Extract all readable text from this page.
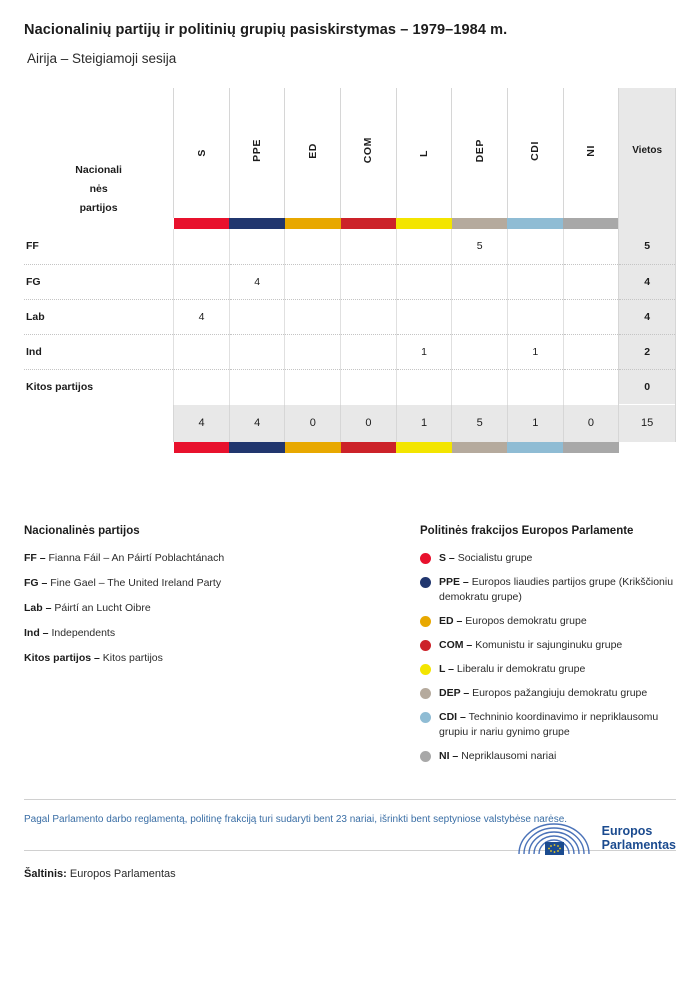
Nacionalinių partijų ir politinių grupių pasiskirstymas – 1979–1984 m.
Airija – Steigiamoji sesija
Nacionali
nės
partijos	S	PPE	ED	COM	L	DEP	CDI	NI	Vietos

FF						5			5
FG		4							4
Lab	4								4
Ind					1		1		2
Kitos partijos									0
	4	4	0	0	1	5	1	0	15

Nacionalinės partijos
FF – Fianna Fáil – An Páirtí Poblachtánach
FG – Fine Gael – The United Ireland Party
Lab – Páirtí an Lucht Oibre
Ind – Independents
Kitos partijos – Kitos partijos
Politinės frakcijos Europos Parlamente
S – Socialistu grupe
PPE – Europos liaudies partijos grupe (Krikščioniu demokratu grupe)
ED – Europos demokratu grupe
COM – Komunistu ir sajunginuku grupe
L – Liberalu ir demokratu grupe
DEP – Europos pažangiuju demokratu grupe
CDI – Techninio koordinavimo ir nepriklausomu grupiu ir nariu gynimo grupe
NI – Nepriklausomi nariai
Pagal Parlamento darbo reglamentą, politinę frakciją turi sudaryti bent 23 nariai, išrinkti bent septyniose valstybėse narėse.
Šaltinis: Europos Parlamentas
Europos
Parlamentas
